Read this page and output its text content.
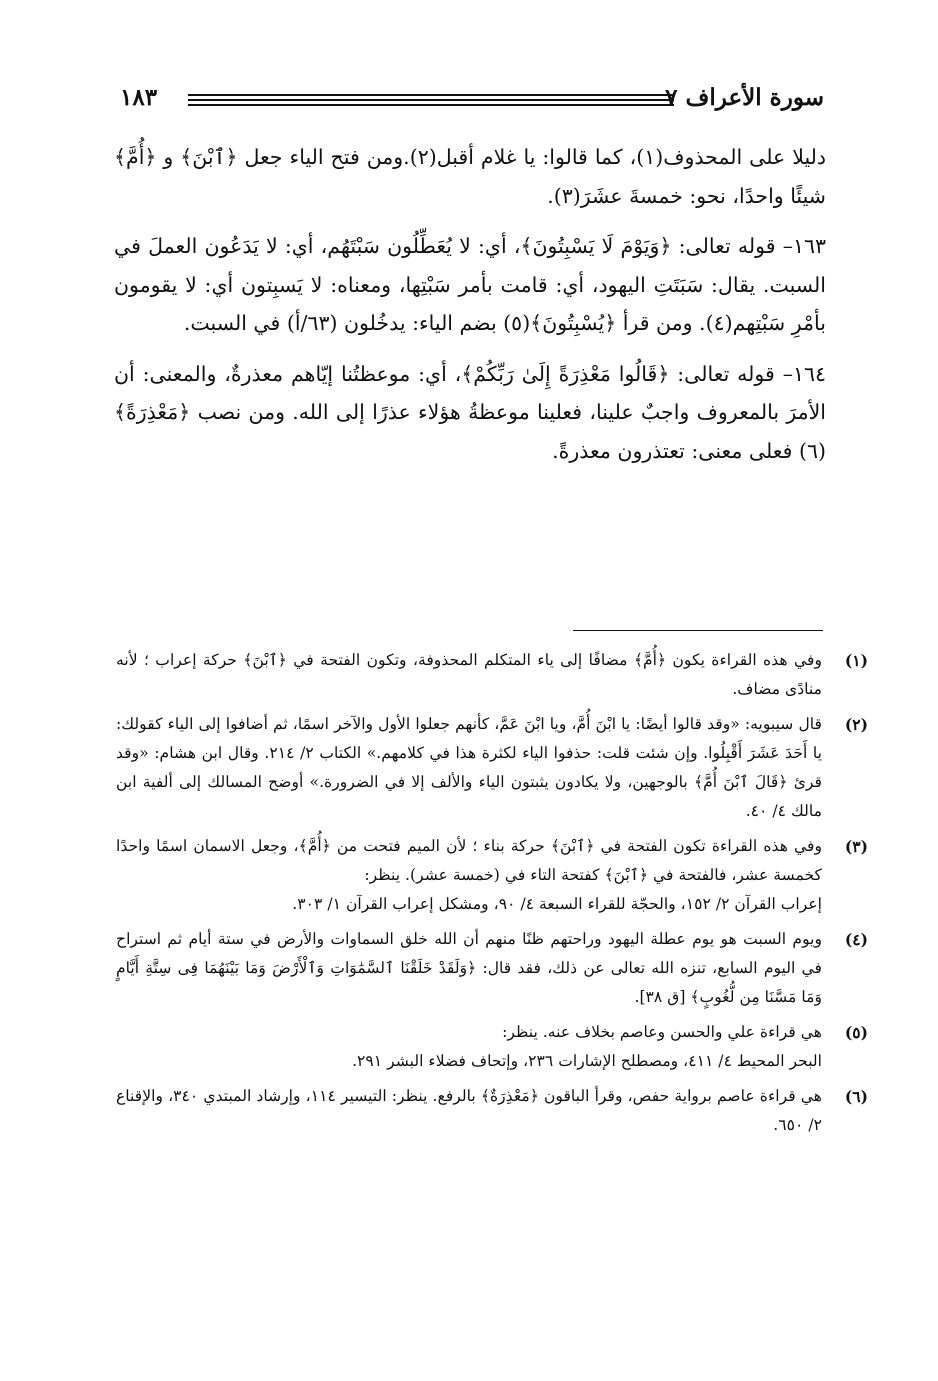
سورة الأعراف ٧
١٨٣

دليلا على المحذوف(١)، كما قالوا: يا غلام أقبل(٢).ومن فتح الياء جعل ﴿ٱبْنَ﴾ و ﴿أُمَّ﴾ شيئًا واحدًا، نحو: خمسةَ عشَرَ(٣).

١٦٣– قوله تعالى: ﴿وَيَوْمَ لَا يَسْبِتُونَ﴾، أي: لا يُعَطِّلُون سَبْتَهُم، أي: لا يَدَعُون العملَ في السبت. يقال: سَبَتَتِ اليهود، أي: قامت بأمر سَبْتِها، ومعناه: لا يَسبِتون أي: لا يقومون بأمْرِ سَبْتِهم(٤). ومن قرأ ﴿يُسْبِتُونَ﴾(٥) بضم الياء: يدخُلون (٦٣/أ) في السبت.

١٦٤– قوله تعالى: ﴿قَالُوا مَعْذِرَةً إِلَىٰ رَبِّكُمْ﴾، أي: موعظتُنا إيّاهم معذرةٌ، والمعنى: أن الأمرَ بالمعروف واجبٌ علينا، فعلينا موعظةُ هؤلاء عذرًا إلى الله. ومن نصب ﴿مَعْذِرَةً﴾(٦) فعلى معنى: تعتذرون معذرةً.

(١)
وفي هذه القراءة يكون ﴿أُمَّ﴾ مضافًا إلى ياء المتكلم المحذوفة، وتكون الفتحة في ﴿ٱبْنَ﴾ حركة إعراب ؛ لأنه منادًى مضاف.
(٢)
قال سيبويه: «وقد قالوا أيضًا: يا ابْنَ أُمَّ، ويا ابْنَ عَمَّ، كأنهم جعلوا الأول والآخر اسمًا، ثم أضافوا إلى الياء كقولك: يا أَحَدَ عَشَرَ أَقْبِلُوا. وإن شئت قلت: حذفوا الياء لكثرة هذا في كلامهم.» الكتاب ٢/ ٢١٤. وقال ابن هشام: «وقد قرئ ﴿قَالَ ٱبْنَ أُمَّ﴾ بالوجهين، ولا يكادون يثبتون الياء والألف إلا في الضرورة.» أوضح المسالك إلى ألفية ابن مالك ٤/ ٤٠.
(٣)
وفي هذه القراءة تكون الفتحة في ﴿ٱبْنَ﴾ حركة بناء ؛ لأن الميم فتحت من ﴿أُمَّ﴾، وجعل الاسمان اسمًا واحدًا كخمسة عشر، فالفتحة في ﴿ٱبْنَ﴾ كفتحة التاء في (خمسة عشر). ينظر:
إعراب القرآن ٢/ ١٥٢، والحجّة للقراء السبعة ٤/ ٩٠، ومشكل إعراب القرآن ١/ ٣٠٣.
(٤)
ويوم السبت هو يوم عطلة اليهود وراحتهم ظنًا منهم أن الله خلق السماوات والأرض في ستة أيام ثم استراح في اليوم السابع، تنزه الله تعالى عن ذلك، فقد قال: ﴿وَلَقَدْ خَلَقْنَا ٱلسَّمَٰوَاتِ وَٱلْأَرْضَ وَمَا بَيْنَهُمَا فِى سِتَّةِ أَيَّامٍ وَمَا مَسَّنَا مِن لُّغُوبٍ﴾ [ق ٣٨].
(٥)
هي قراءة علي والحسن وعاصم بخلاف عنه. ينظر:
البحر المحيط ٤/ ٤١١، ومصطلح الإشارات ٢٣٦، وإتحاف فضلاء البشر ٢٩١.
(٦)
هي قراءة عاصم برواية حفص، وقرأ الباقون ﴿مَعْذِرَةٌ﴾ بالرفع. ينظر: التيسير ١١٤، وإرشاد المبتدي ٣٤٠، والإقناع ٢/ ٦٥٠.
